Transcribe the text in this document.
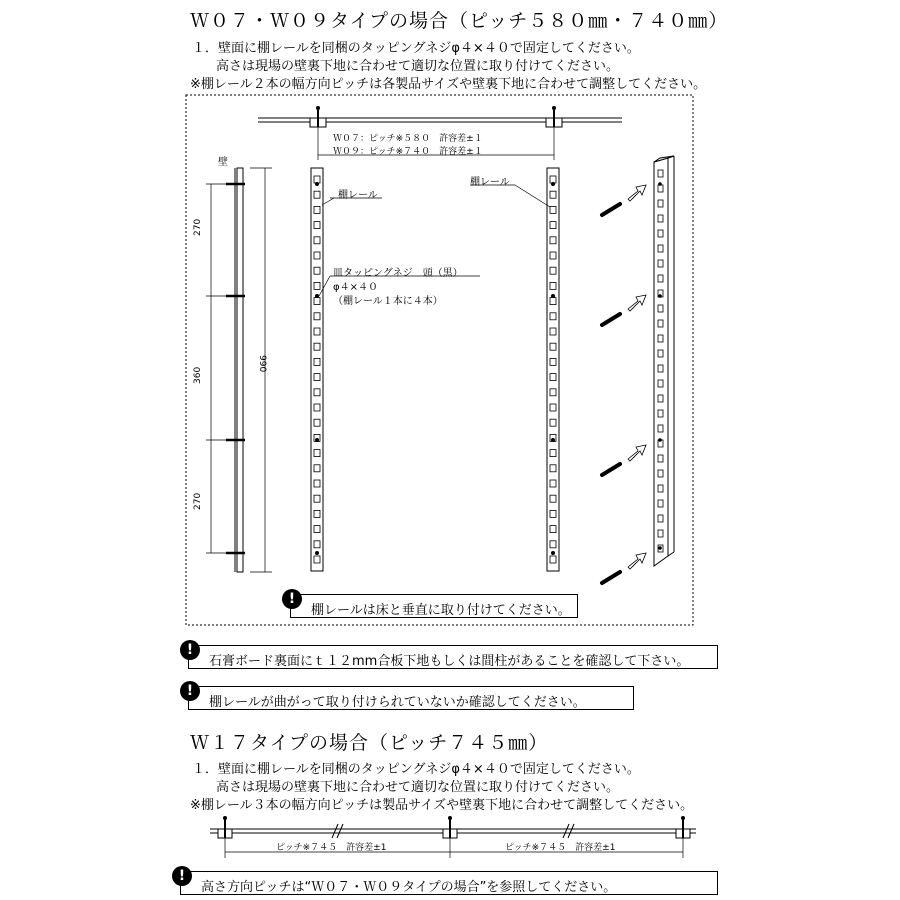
Ｗ０７・Ｗ０９タイプの場合（ピッチ５８０㎜・７４０㎜）
１．壁面に棚レールを同梱のタッピングネジφ４×４０で固定してください。
高さは現場の壁裏下地に合わせて適切な位置に取り付けてください。
※棚レール２本の幅方向ピッチは各製品サイズや壁裏下地に合わせて調整してください。
Ｗ０７：ピッチ※５８０　許容差±１
Ｗ０９：ピッチ※７４０　許容差±１
壁
270
360
270
990
棚レール
棚レール
皿タッピングネジ　頭（黒）
φ４×４０
（棚レール１本に４本）
!
棚レールは床と垂直に取り付けてください。
!
石膏ボード裏面にｔ１２mm合板下地もしくは間柱があることを確認して下さい。
!
棚レールが曲がって取り付けられていないか確認してください。
Ｗ１７タイプの場合（ピッチ７４５㎜）
１．壁面に棚レールを同梱のタッピングネジφ４×４０で固定してください。
高さは現場の壁裏下地に合わせて適切な位置に取り付けてください。
※棚レール３本の幅方向ピッチは製品サイズや壁裏下地に合わせて調整してください。
ピッチ※７４５　許容差±1	ピッチ※７４５　許容差±1
!
高さ方向ピッチは“Ｗ０７・Ｗ０９タイプの場合”を参照してください。
